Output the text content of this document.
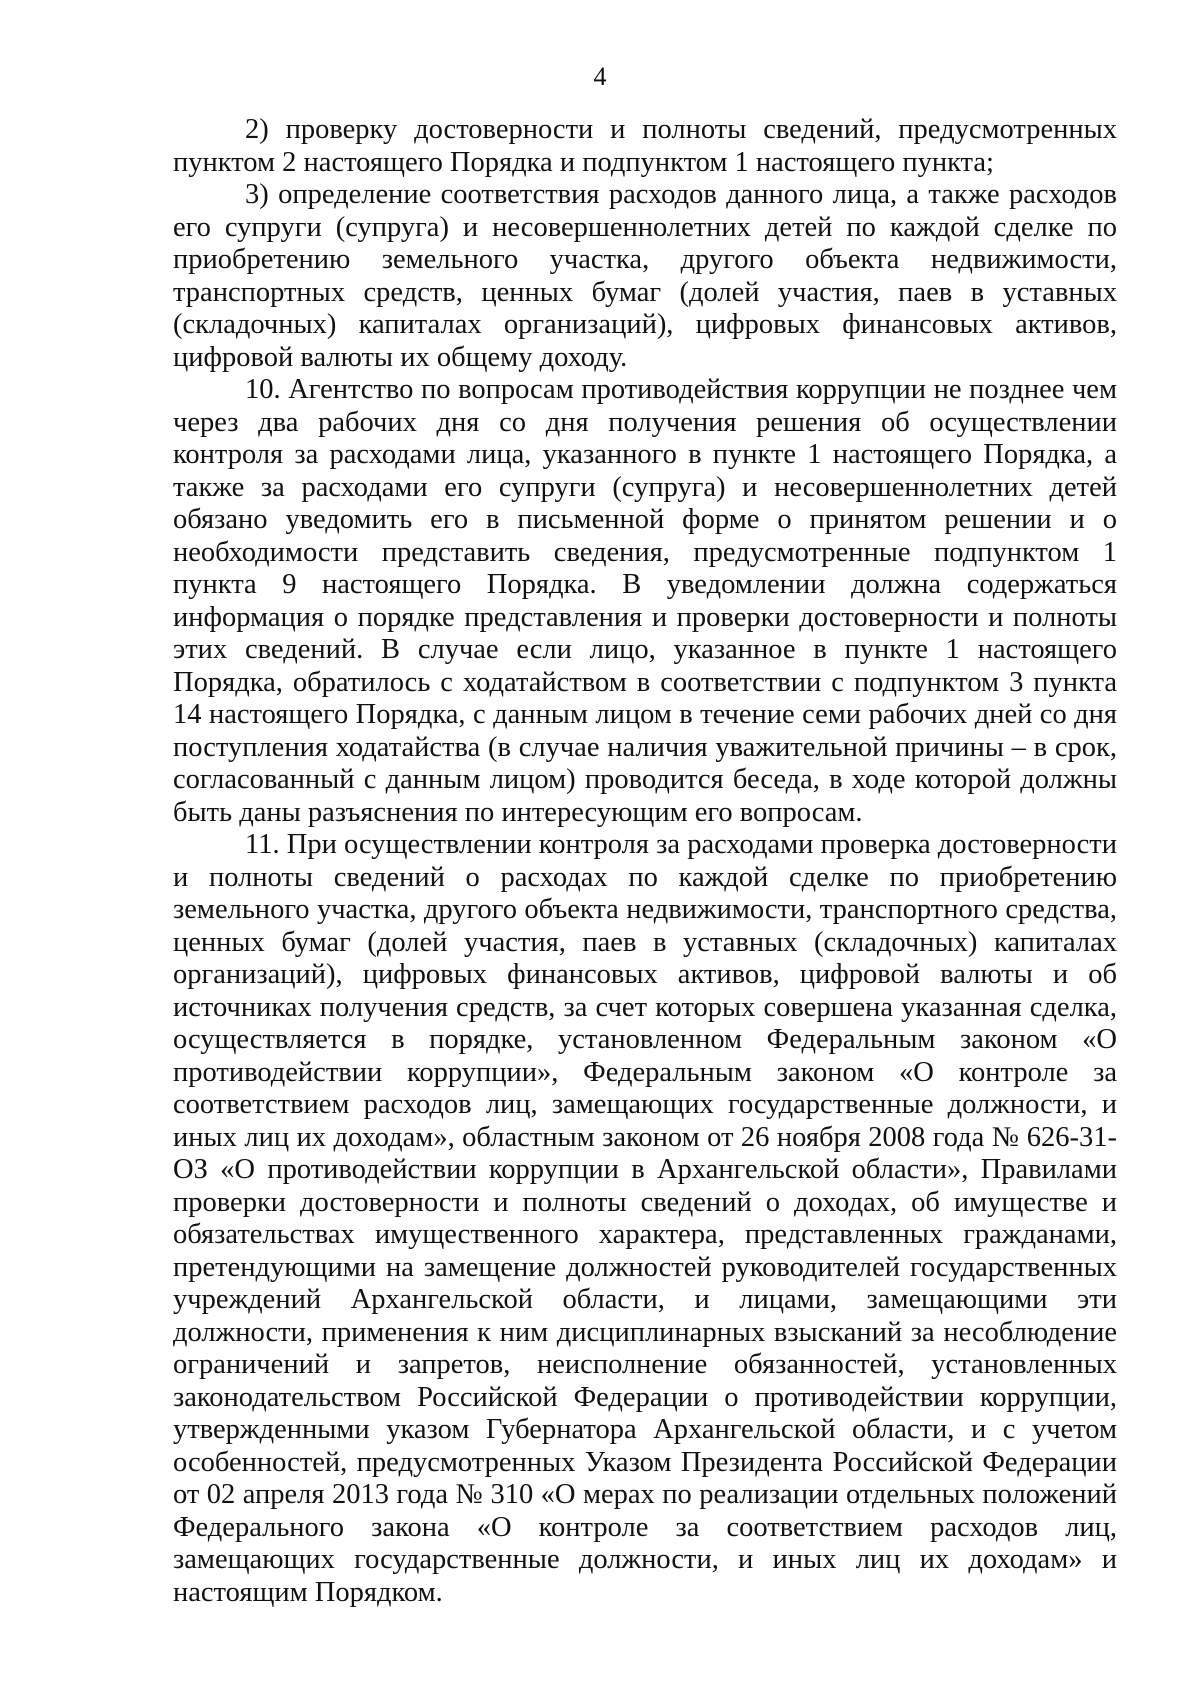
4

2) проверку достоверности и полноты сведений, предусмотренных пунктом 2 настоящего Порядка и подпунктом 1 настоящего пункта;

3) определение соответствия расходов данного лица, а также расходов его супруги (супруга) и несовершеннолетних детей по каждой сделке по приобретению земельного участка, другого объекта недвижимости, транспортных средств, ценных бумаг (долей участия, паев в уставных (складочных) капиталах организаций), цифровых финансовых активов, цифровой валюты их общему доходу.

10. Агентство по вопросам противодействия коррупции не позднее чем через два рабочих дня со дня получения решения об осуществлении контроля за расходами лица, указанного в пункте 1 настоящего Порядка, а также за расходами его супруги (супруга) и несовершеннолетних детей обязано уведомить его в письменной форме о принятом решении и о необходимости представить сведения, предусмотренные подпунктом 1 пункта 9 настоящего Порядка. В уведомлении должна содержаться информация о порядке представления и проверки достоверности и полноты этих сведений. В случае если лицо, указанное в пункте 1 настоящего Порядка, обратилось с ходатайством в соответствии с подпунктом 3 пункта 14 настоящего Порядка, с данным лицом в течение семи рабочих дней со дня поступления ходатайства (в случае наличия уважительной причины – в срок, согласованный с данным лицом) проводится беседа, в ходе которой должны быть даны разъяснения по интересующим его вопросам.

11. При осуществлении контроля за расходами проверка достоверности и полноты сведений о расходах по каждой сделке по приобретению земельного участка, другого объекта недвижимости, транспортного средства, ценных бумаг (долей участия, паев в уставных (складочных) капиталах организаций), цифровых финансовых активов, цифровой валюты и об источниках получения средств, за счет которых совершена указанная сделка, осуществляется в порядке, установленном Федеральным законом «О противодействии коррупции», Федеральным законом «О контроле за соответствием расходов лиц, замещающих государственные должности, и иных лиц их доходам», областным законом от 26 ноября 2008 года № 626-31-ОЗ «О противодействии коррупции в Архангельской области», Правилами проверки достоверности и полноты сведений о доходах, об имуществе и обязательствах имущественного характера, представленных гражданами, претендующими на замещение должностей руководителей государственных учреждений Архангельской области, и лицами, замещающими эти должности, применения к ним дисциплинарных взысканий за несоблюдение ограничений и запретов, неисполнение обязанностей, установленных законодательством Российской Федерации о противодействии коррупции, утвержденными указом Губернатора Архангельской области, и с учетом особенностей, предусмотренных Указом Президента Российской Федерации от 02 апреля 2013 года № 310 «О мерах по реализации отдельных положений Федерального закона «О контроле за соответствием расходов лиц, замещающих государственные должности, и иных лиц их доходам» и настоящим Порядком.
